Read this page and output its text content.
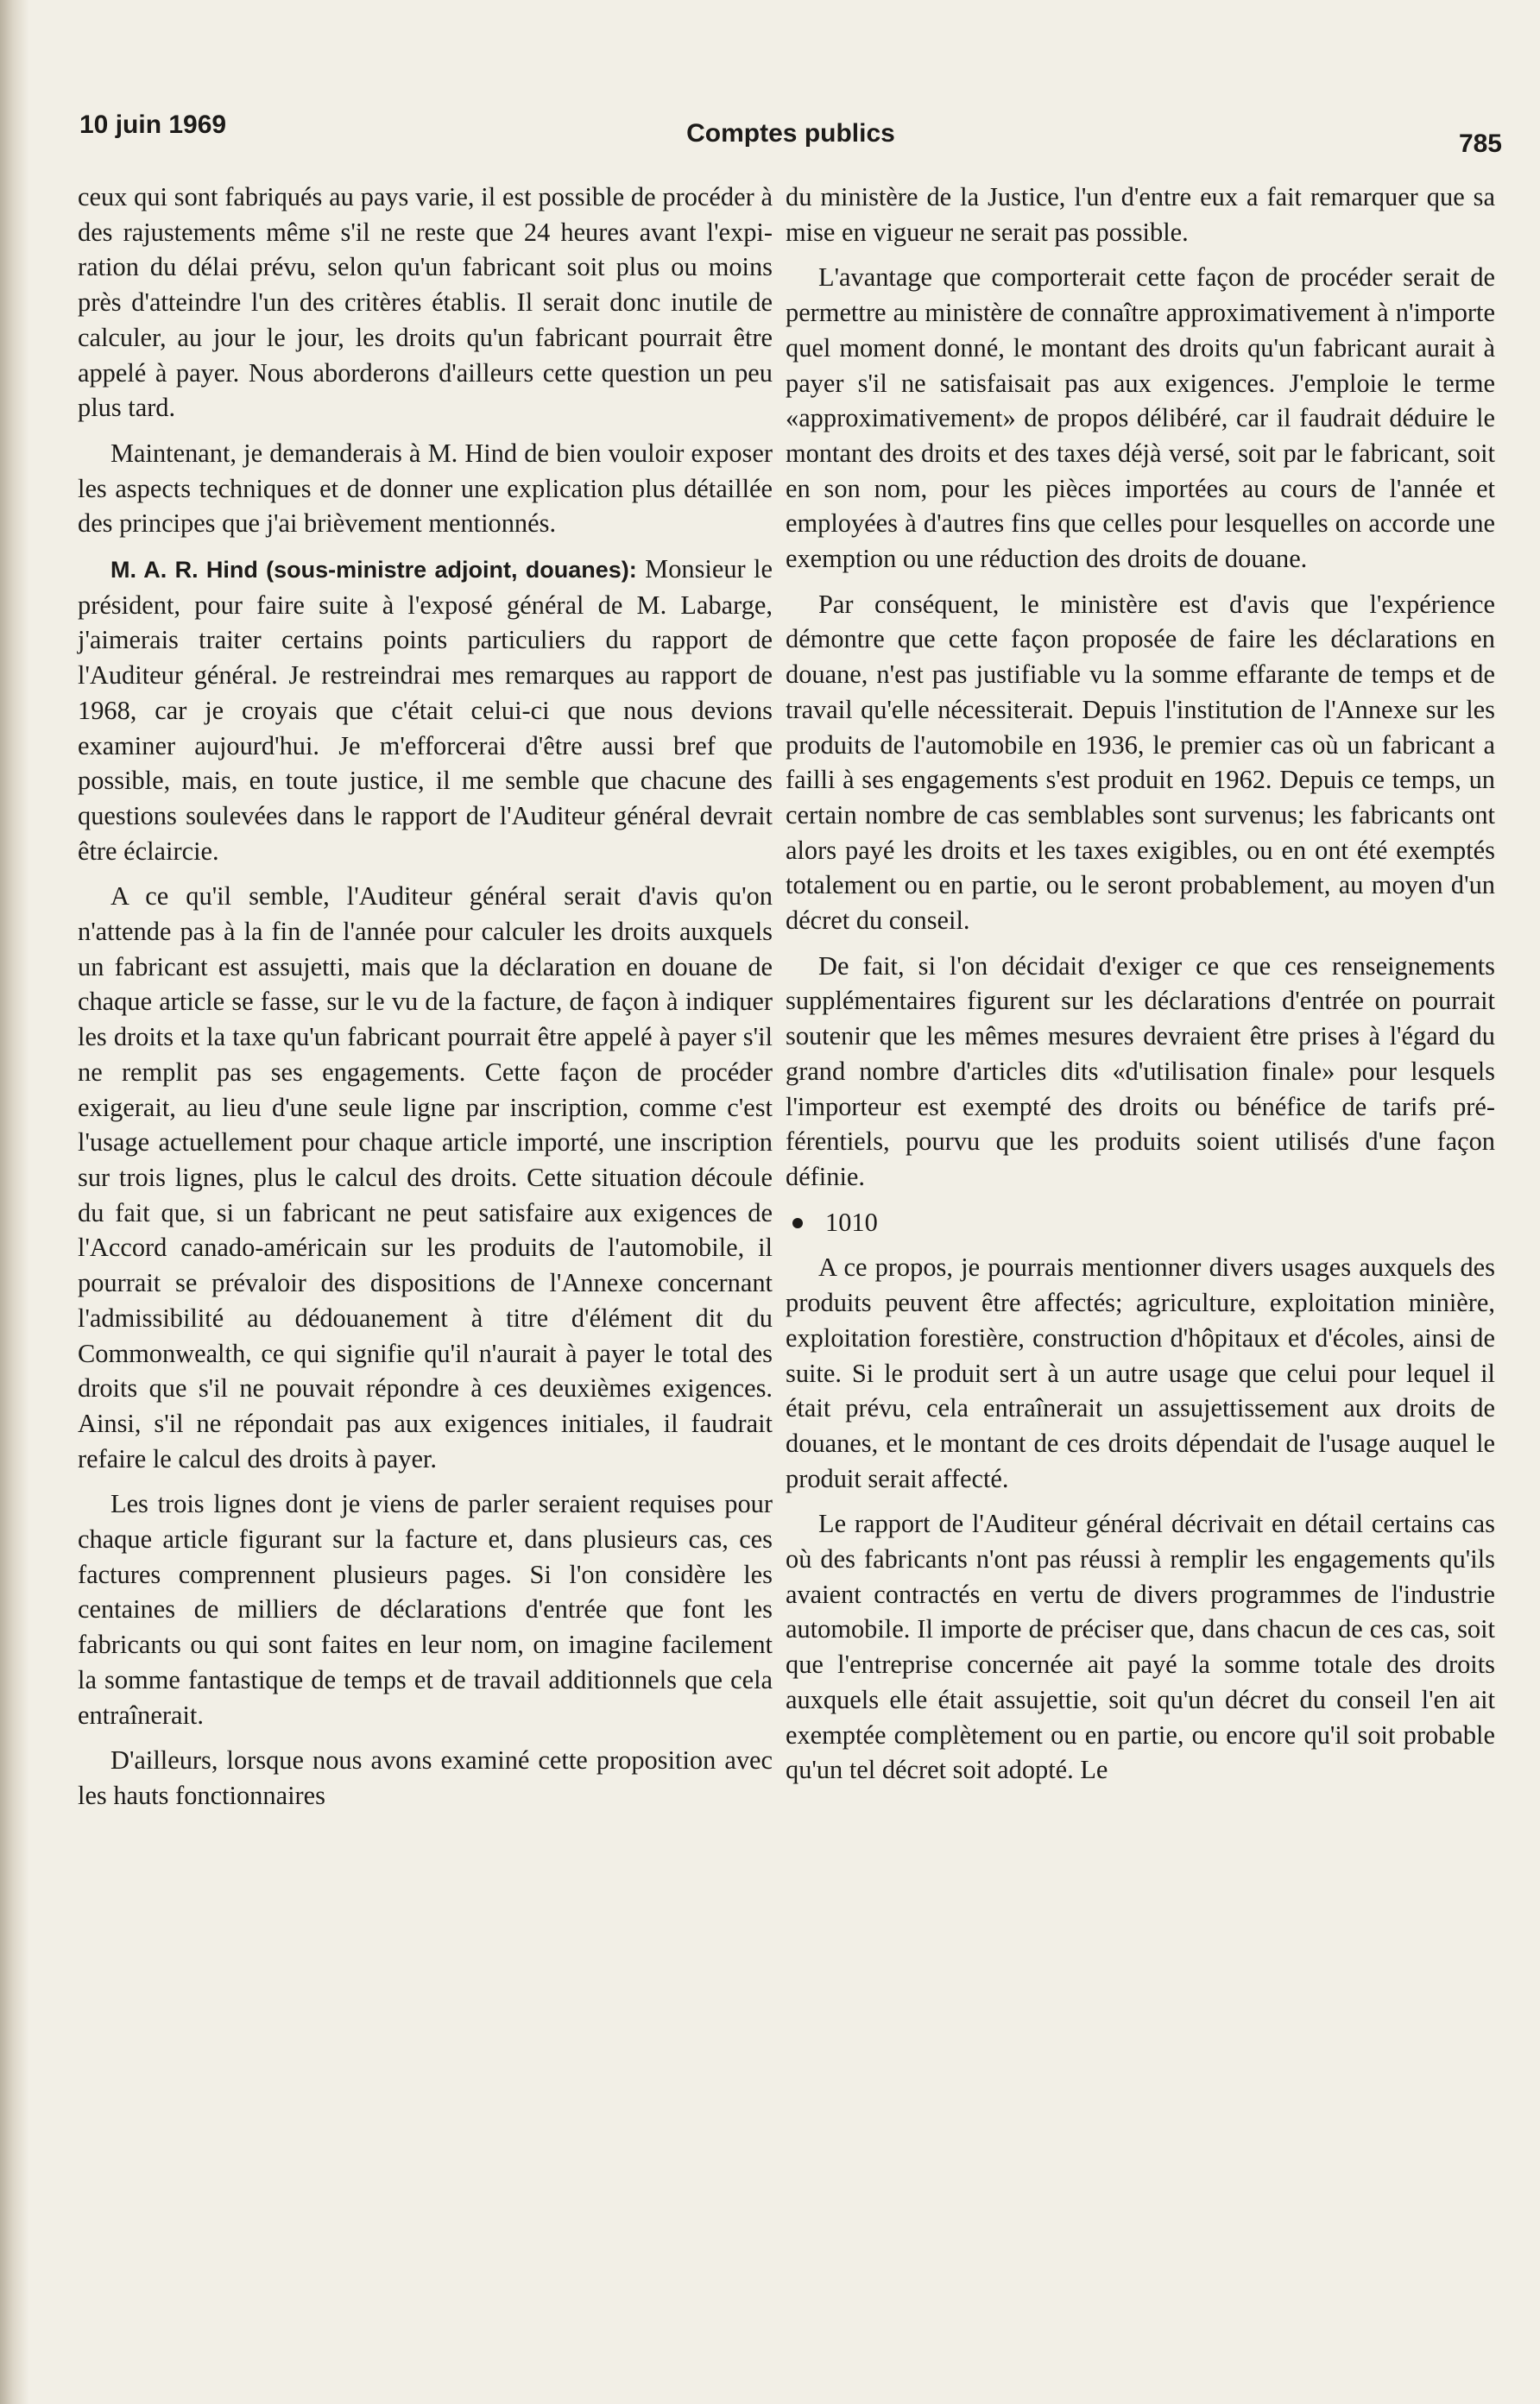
10 juin 1969	Comptes publics	785

ceux qui sont fabriqués au pays varie, il est possible de procéder à des rajustements même s'il ne reste que 24 heures avant l'expiration du délai prévu, selon qu'un fabricant soit plus ou moins près d'atteindre l'un des critères établis. Il serait donc inutile de calculer, au jour le jour, les droits qu'un fabricant pourrait être appelé à payer. Nous aborderons d'ailleurs cette question un peu plus tard.

Maintenant, je demanderais à M. Hind de bien vouloir exposer les aspects techniques et de donner une explication plus détaillée des principes que j'ai brièvement mentionnés.

M. A. R. Hind (sous-ministre adjoint, douanes): Monsieur le président, pour faire suite à l'exposé général de M. Labarge, j'aimerais traiter certains points particuliers du rapport de l'Auditeur général. Je restreindrai mes remarques au rapport de 1968, car je croyais que c'était celui-ci que nous devions examiner aujourd'hui. Je m'efforcerai d'être aussi bref que possible, mais, en toute justice, il me semble que chacune des questions soulevées dans le rapport de l'Auditeur général devrait être éclaircie.

A ce qu'il semble, l'Auditeur général serait d'avis qu'on n'attende pas à la fin de l'année pour calculer les droits auxquels un fabricant est assujetti, mais que la déclaration en douane de chaque article se fasse, sur le vu de la facture, de façon à indiquer les droits et la taxe qu'un fabricant pourrait être appelé à payer s'il ne remplit pas ses engagements. Cette façon de procéder exigerait, au lieu d'une seule ligne par inscription, comme c'est l'usage actuellement pour chaque article importé, une inscription sur trois lignes, plus le calcul des droits. Cette situation découle du fait que, si un fabricant ne peut satisfaire aux exigences de l'Accord canado-américain sur les produits de l'automobile, il pourrait se prévaloir des dispositions de l'Annexe concernant l'admissibilité au dédouanement à titre d'élément dit du Commonwealth, ce qui signifie qu'il n'aurait à payer le total des droits que s'il ne pouvait répondre à ces deuxièmes exigences. Ainsi, s'il ne répondait pas aux exigences initiales, il faudrait refaire le calcul des droits à payer.

Les trois lignes dont je viens de parler seraient requises pour chaque article figurant sur la facture et, dans plusieurs cas, ces factures comprennent plusieurs pages. Si l'on considère les centaines de milliers de déclarations d'entrée que font les fabricants ou qui sont faites en leur nom, on imagine facilement la somme fantastique de temps et de travail additionnels que cela entraînerait.

D'ailleurs, lorsque nous avons examiné cette proposition avec les hauts fonctionnaires

du ministère de la Justice, l'un d'entre eux a fait remarquer que sa mise en vigueur ne serait pas possible.

L'avantage que comporterait cette façon de procéder serait de permettre au ministère de connaître approximativement à n'importe quel moment donné, le montant des droits qu'un fabricant aurait à payer s'il ne satisfaisait pas aux exigences. J'emploie le terme «approximativement» de propos délibéré, car il faudrait déduire le montant des droits et des taxes déjà versé, soit par le fabricant, soit en son nom, pour les pièces importées au cours de l'année et employées à d'autres fins que celles pour lesquelles on accorde une exemption ou une réduction des droits de douane.

Par conséquent, le ministère est d'avis que l'expérience démontre que cette façon proposée de faire les déclarations en douane, n'est pas justifiable vu la somme effarante de temps et de travail qu'elle nécessiterait. Depuis l'institution de l'Annexe sur les produits de l'automobile en 1936, le premier cas où un fabricant a failli à ses engagements s'est produit en 1962. Depuis ce temps, un certain nombre de cas semblables sont survenus; les fabricants ont alors payé les droits et les taxes exigibles, ou en ont été exemptés totalement ou en partie, ou le seront probablement, au moyen d'un décret du conseil.

De fait, si l'on décidait d'exiger ce que ces renseignements supplémentaires figurent sur les déclarations d'entrée on pourrait soutenir que les mêmes mesures devraient être prises à l'égard du grand nombre d'articles dits «d'utilisation finale» pour lesquels l'importeur est exempté des droits ou bénéfice de tarifs préférentiels, pourvu que les produits soient utilisés d'une façon définie.

1010

A ce propos, je pourrais mentionner divers usages auxquels des produits peuvent être affectés; agriculture, exploitation minière, exploitation forestière, construction d'hôpitaux et d'écoles, ainsi de suite. Si le produit sert à un autre usage que celui pour lequel il était prévu, cela entraînerait un assujettissement aux droits de douanes, et le montant de ces droits dépendait de l'usage auquel le produit serait affecté.

Le rapport de l'Auditeur général décrivait en détail certains cas où des fabricants n'ont pas réussi à remplir les engagements qu'ils avaient contractés en vertu de divers programmes de l'industrie automobile. Il importe de préciser que, dans chacun de ces cas, soit que l'entreprise concernée ait payé la somme totale des droits auxquels elle était assujettie, soit qu'un décret du conseil l'en ait exemptée complètement ou en partie, ou encore qu'il soit probable qu'un tel décret soit adopté. Le
